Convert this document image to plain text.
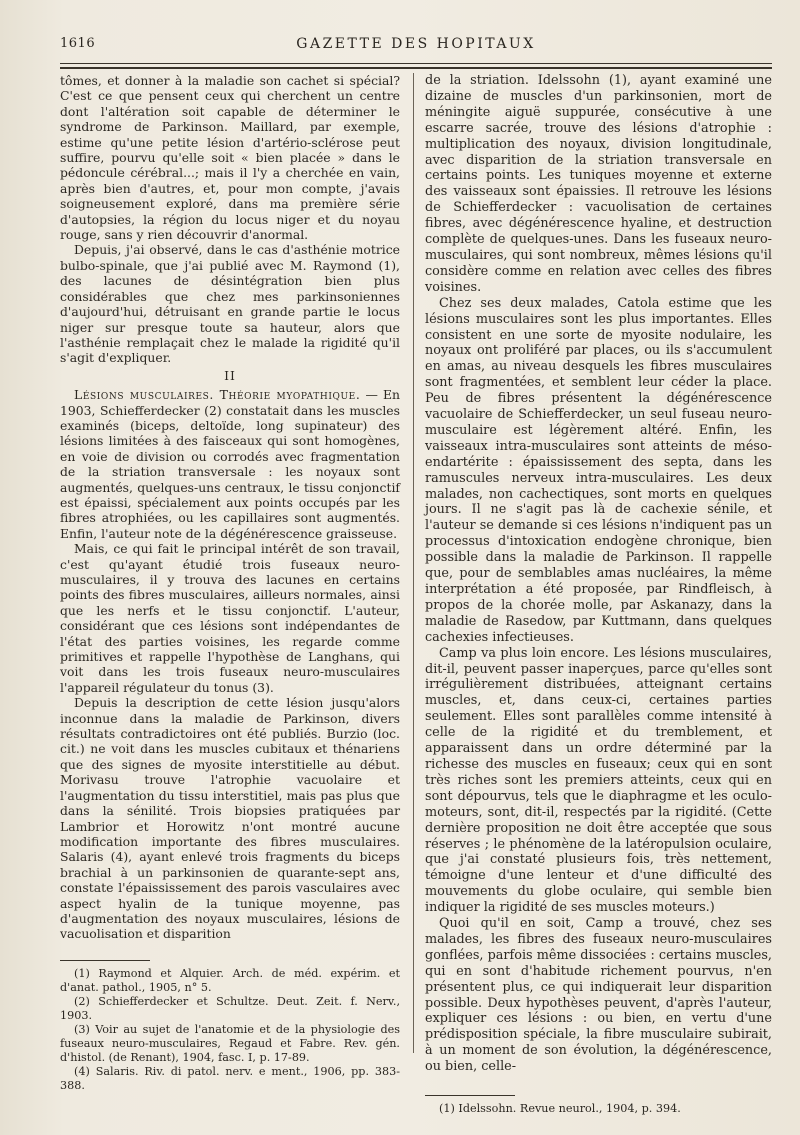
1616	GAZETTE DES HOPITAUX

tômes, et donner à la maladie son cachet si spécial? C'est ce que pensent ceux qui cherchent un centre dont l'altération soit capable de déterminer le syndrome de Parkinson. Maillard, par exemple, estime qu'une petite lésion d'artério-sclérose peut suffire, pourvu qu'elle soit « bien placée » dans le pédoncule cérébral...; mais il l'y a cherchée en vain, après bien d'autres, et, pour mon compte, j'avais soigneusement exploré, dans ma première série d'autopsies, la région du locus niger et du noyau rouge, sans y rien découvrir d'anormal.

Depuis, j'ai observé, dans le cas d'asthénie motrice bulbo-spinale, que j'ai publié avec M. Raymond (1), des lacunes de désintégration bien plus considérables que chez mes parkinsoniennes d'aujourd'hui, détruisant en grande partie le locus niger sur presque toute sa hauteur, alors que l'asthénie remplaçait chez le malade la rigidité qu'il s'agit d'expliquer.

II

Lésions musculaires. Théorie myopathique. — En 1903, Schiefferdecker (2) constatait dans les muscles examinés (biceps, deltoïde, long supinateur) des lésions limitées à des faisceaux qui sont homogènes, en voie de division ou corrodés avec fragmentation de la striation transversale : les noyaux sont augmentés, quelques-uns centraux, le tissu conjonctif est épaissi, spécialement aux points occupés par les fibres atrophiées, ou les capillaires sont augmentés. Enfin, l'auteur note de la dégénérescence graisseuse.

Mais, ce qui fait le principal intérêt de son travail, c'est qu'ayant étudié trois fuseaux neuro-musculaires, il y trouva des lacunes en certains points des fibres musculaires, ailleurs normales, ainsi que les nerfs et le tissu conjonctif. L'auteur, considérant que ces lésions sont indépendantes de l'état des parties voisines, les regarde comme primitives et rappelle l'hypothèse de Langhans, qui voit dans les trois fuseaux neuro-musculaires l'appareil régulateur du tonus (3).

Depuis la description de cette lésion jusqu'alors inconnue dans la maladie de Parkinson, divers résultats contradictoires ont été publiés. Burzio (loc. cit.) ne voit dans les muscles cubitaux et thénariens que des signes de myosite interstitielle au début. Morivasu trouve l'atrophie vacuolaire et l'augmentation du tissu interstitiel, mais pas plus que dans la sénilité. Trois biopsies pratiquées par Lambrior et Horowitz n'ont montré aucune modification importante des fibres musculaires. Salaris (4), ayant enlevé trois fragments du biceps brachial à un parkinsonien de quarante-sept ans, constate l'épaississement des parois vasculaires avec aspect hyalin de la tunique moyenne, pas d'augmentation des noyaux musculaires, lésions de vacuolisation et disparition

(1) Raymond et Alquier. Arch. de méd. expérim. et d'anat. pathol., 1905, n° 5.

(2) Schiefferdecker et Schultze. Deut. Zeit. f. Nerv., 1903.

(3) Voir au sujet de l'anatomie et de la physiologie des fuseaux neuro-musculaires, Regaud et Fabre. Rev. gén. d'histol. (de Renant), 1904, fasc. I, p. 17-89.

(4) Salaris. Riv. di patol. nerv. e ment., 1906, pp. 383-388.

de la striation. Idelssohn (1), ayant examiné une dizaine de muscles d'un parkinsonien, mort de méningite aiguë suppurée, consécutive à une escarre sacrée, trouve des lésions d'atrophie : multiplication des noyaux, division longitudinale, avec disparition de la striation transversale en certains points. Les tuniques moyenne et externe des vaisseaux sont épaissies. Il retrouve les lésions de Schiefferdecker : vacuolisation de certaines fibres, avec dégénérescence hyaline, et destruction complète de quelques-unes. Dans les fuseaux neuro-musculaires, qui sont nombreux, mêmes lésions qu'il considère comme en relation avec celles des fibres voisines.

Chez ses deux malades, Catola estime que les lésions musculaires sont les plus importantes. Elles consistent en une sorte de myosite nodulaire, les noyaux ont proliféré par places, ou ils s'accumulent en amas, au niveau desquels les fibres musculaires sont fragmentées, et semblent leur céder la place. Peu de fibres présentent la dégénérescence vacuolaire de Schiefferdecker, un seul fuseau neuro-musculaire est légèrement altéré. Enfin, les vaisseaux intra-musculaires sont atteints de méso-endartérite : épaississement des septa, dans les ramuscules nerveux intra-musculaires. Les deux malades, non cachectiques, sont morts en quelques jours. Il ne s'agit pas là de cachexie sénile, et l'auteur se demande si ces lésions n'indiquent pas un processus d'intoxication endogène chronique, bien possible dans la maladie de Parkinson. Il rappelle que, pour de semblables amas nucléaires, la même interprétation a été proposée, par Rindfleisch, à propos de la chorée molle, par Askanazy, dans la maladie de Rasedow, par Kuttmann, dans quelques cachexies infectieuses.

Camp va plus loin encore. Les lésions musculaires, dit-il, peuvent passer inaperçues, parce qu'elles sont irrégulièrement distribuées, atteignant certains muscles, et, dans ceux-ci, certaines parties seulement. Elles sont parallèles comme intensité à celle de la rigidité et du tremblement, et apparaissent dans un ordre déterminé par la richesse des muscles en fuseaux; ceux qui en sont très riches sont les premiers atteints, ceux qui en sont dépourvus, tels que le diaphragme et les oculo-moteurs, sont, dit-il, respectés par la rigidité. (Cette dernière proposition ne doit être acceptée que sous réserves ; le phénomène de la latéropulsion oculaire, que j'ai constaté plusieurs fois, très nettement, témoigne d'une lenteur et d'une difficulté des mouvements du globe oculaire, qui semble bien indiquer la rigidité de ses muscles moteurs.)

Quoi qu'il en soit, Camp a trouvé, chez ses malades, les fibres des fuseaux neuro-musculaires gonflées, parfois même dissociées : certains muscles, qui en sont d'habitude richement pourvus, n'en présentent plus, ce qui indiquerait leur disparition possible. Deux hypothèses peuvent, d'après l'auteur, expliquer ces lésions : ou bien, en vertu d'une prédisposition spéciale, la fibre musculaire subirait, à un moment de son évolution, la dégénérescence, ou bien, celle-

(1) Idelssohn. Revue neurol., 1904, p. 394.
